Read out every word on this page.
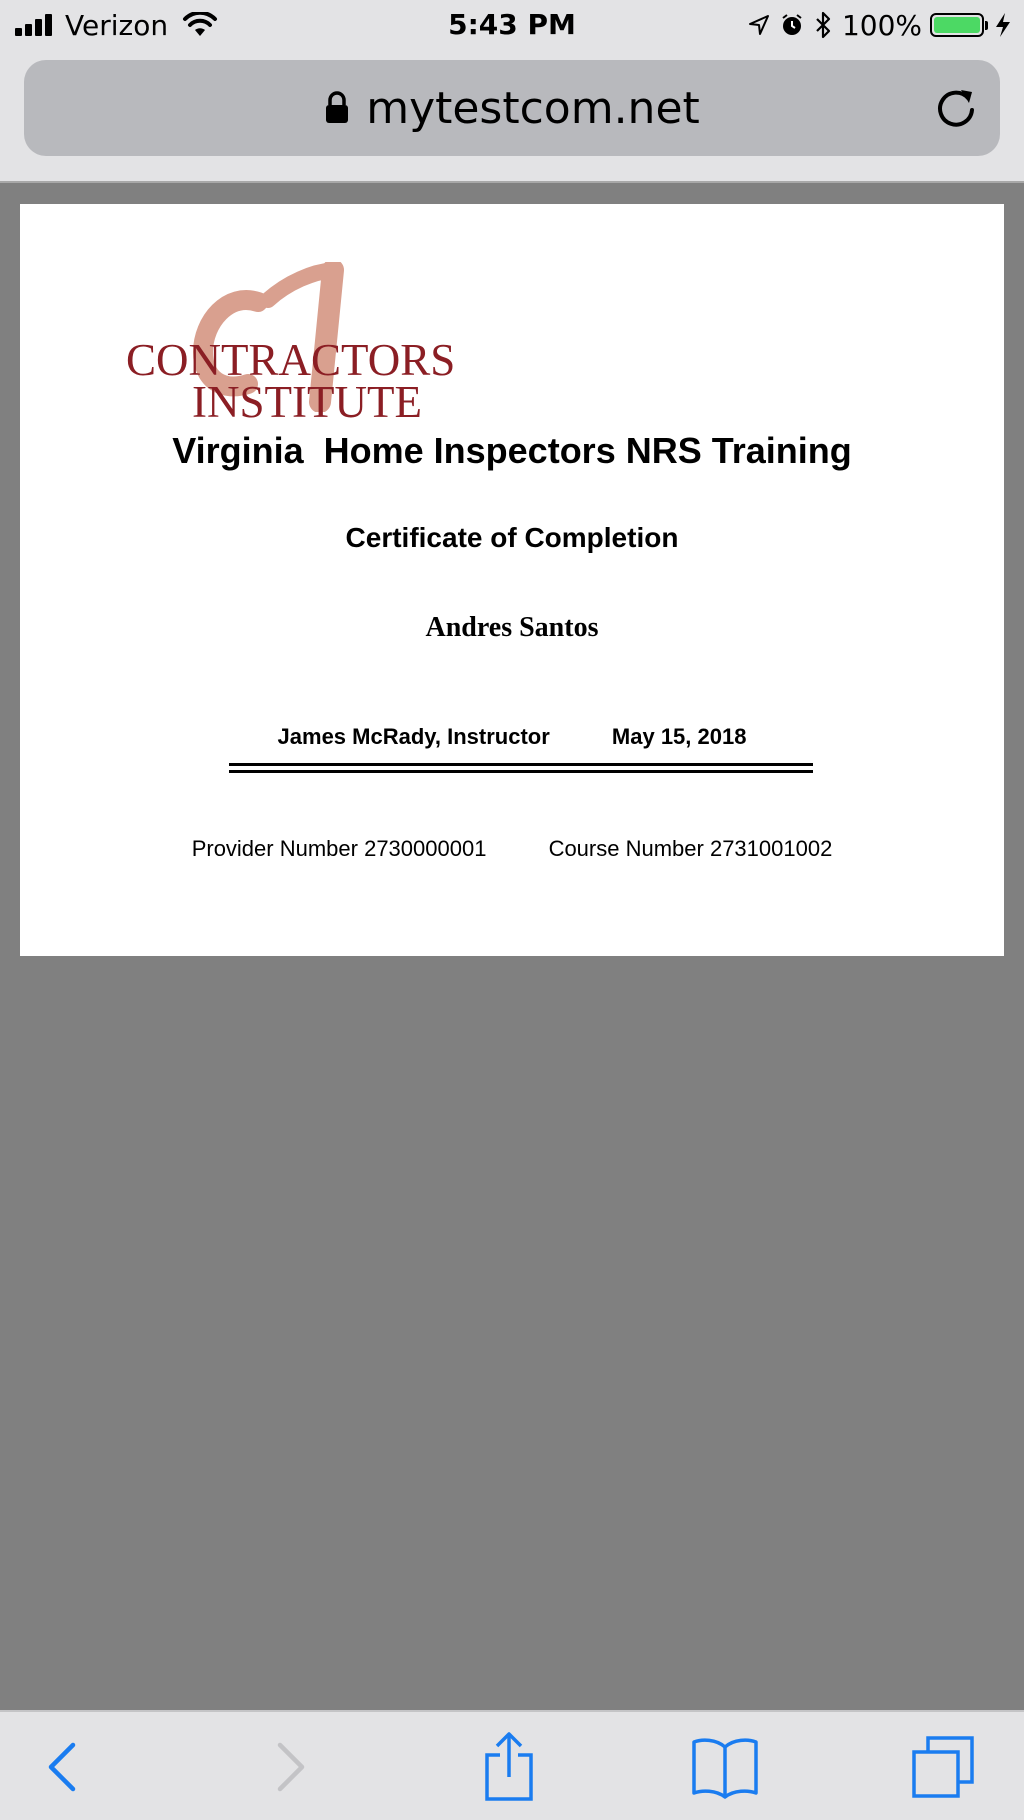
Verizon	5:43 PM	100%
mytestcom.net
CONTRACTORS
INSTITUTE
Virginia  Home Inspectors NRS Training
Certificate of Completion
Andres Santos
James McRady, Instructor	May 15, 2018
Provider Number 2730000001	Course Number 2731001002
